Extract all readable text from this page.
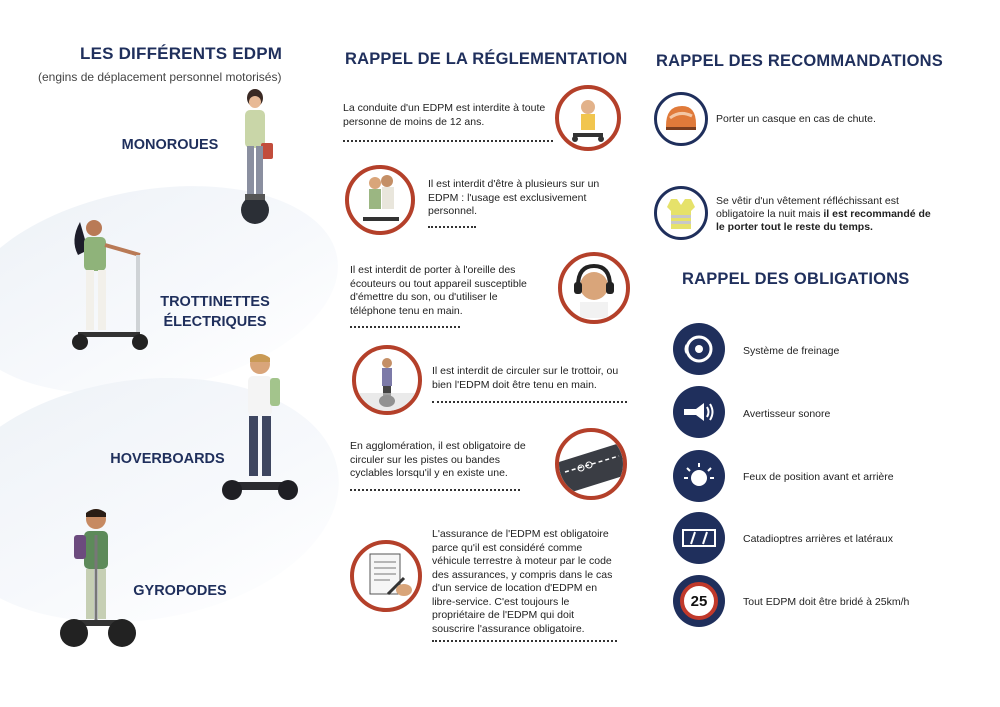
LES DIFFÉRENTS EDPM
(engins de déplacement personnel motorisés)
MONOROUES
TROTTINETTES
ÉLECTRIQUES
HOVERBOARDS
GYROPODES
RAPPEL DE LA RÉGLEMENTATION
La conduite d'un EDPM est interdite à toute personne de moins de 12 ans.
Il est interdit d'être à plusieurs sur un EDPM : l'usage est exclusivement personnel.
Il est interdit de porter à l'oreille des écouteurs ou tout appareil susceptible d'émettre du son, ou d'utiliser le téléphone tenu en main.
Il est interdit de circuler sur le trottoir, ou bien l'EDPM doit être tenu en main.
En agglomération, il est obligatoire de circuler sur les pistes ou bandes cyclables lorsqu'il y en existe une.
L'assurance de l'EDPM est obligatoire parce qu'il est considéré comme véhicule terrestre à moteur par le code des assurances, y compris dans le cas d'un service de location d'EDPM en libre-service. C'est toujours le propriétaire de l'EDPM qui doit souscrire l'assurance obligatoire.
RAPPEL DES RECOMMANDATIONS
Porter un casque en cas de chute.
Se vêtir d'un vêtement réfléchissant est obligatoire la nuit mais il est recommandé de le porter tout le reste du temps.
RAPPEL DES OBLIGATIONS
Système de freinage
Avertisseur sonore
Feux de position avant et arrière
Catadioptres arrières et latéraux
25	Tout EDPM doit être bridé à 25km/h
